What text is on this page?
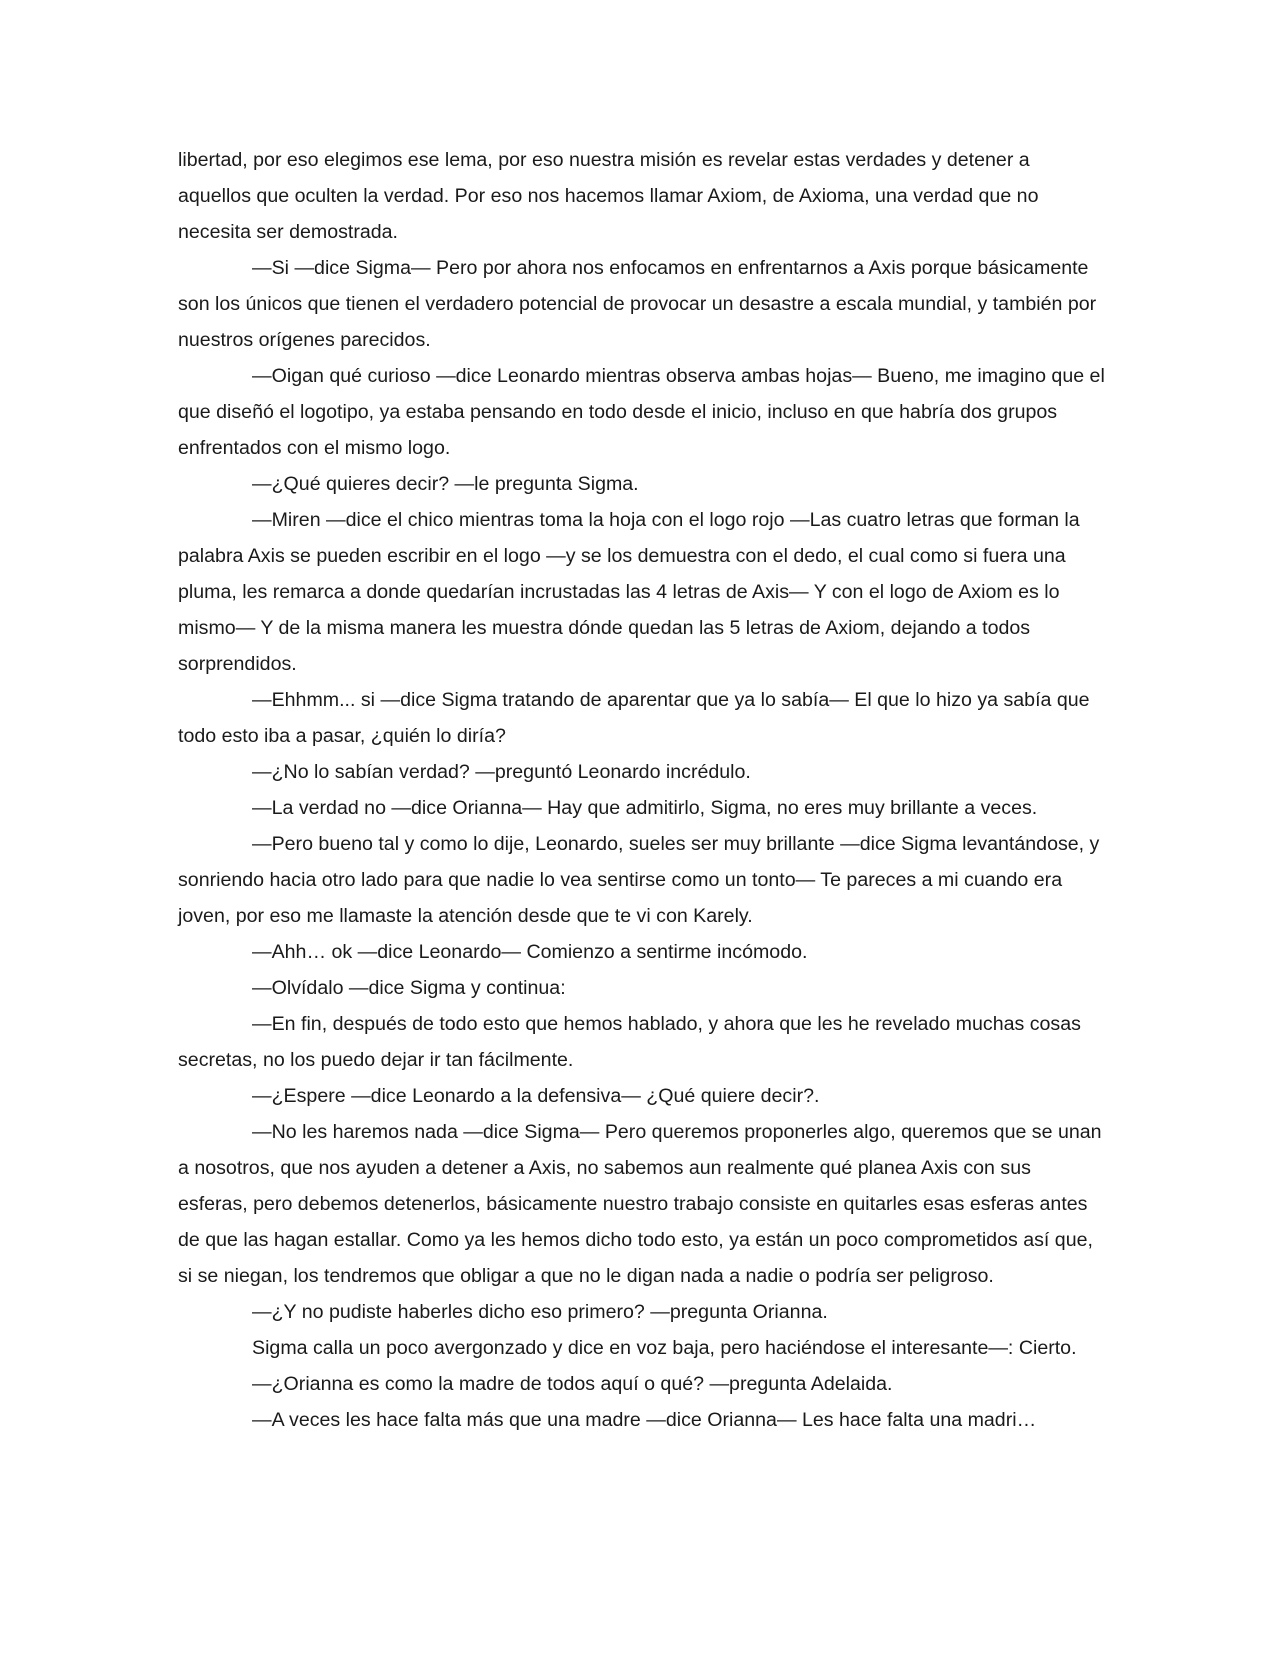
libertad, por eso elegimos ese lema, por eso nuestra misión es revelar estas verdades y detener a aquellos que oculten la verdad. Por eso nos hacemos llamar Axiom, de Axioma, una verdad que no necesita ser demostrada.

—Si —dice Sigma— Pero por ahora nos enfocamos en enfrentarnos a Axis porque básicamente son los únicos que tienen el verdadero potencial de provocar un desastre a escala mundial, y también por nuestros orígenes parecidos.

—Oigan qué curioso —dice Leonardo mientras observa ambas hojas— Bueno, me imagino que el que diseñó el logotipo, ya estaba pensando en todo desde el inicio, incluso en que habría dos grupos enfrentados con el mismo logo.

—¿Qué quieres decir? —le pregunta Sigma.

—Miren —dice el chico mientras toma la hoja con el logo rojo —Las cuatro letras que forman la palabra Axis se pueden escribir en el logo —y se los demuestra con el dedo, el cual como si fuera una pluma, les remarca a donde quedarían incrustadas las 4 letras de Axis— Y con el logo de Axiom es lo mismo— Y de la misma manera les muestra dónde quedan las 5 letras de Axiom, dejando a todos sorprendidos.

—Ehhmm... si —dice Sigma tratando de aparentar que ya lo sabía— El que lo hizo ya sabía que todo esto iba a pasar, ¿quién lo diría?

—¿No lo sabían verdad? —preguntó Leonardo incrédulo.

—La verdad no —dice Orianna— Hay que admitirlo, Sigma, no eres muy brillante a veces.

—Pero bueno tal y como lo dije, Leonardo, sueles ser muy brillante —dice Sigma levantándose, y sonriendo hacia otro lado para que nadie lo vea sentirse como un tonto— Te pareces a mi cuando era joven, por eso me llamaste la atención desde que te vi con Karely.

—Ahh… ok —dice Leonardo— Comienzo a sentirme incómodo.

—Olvídalo —dice Sigma y continua:

—En fin, después de todo esto que hemos hablado, y ahora que les he revelado muchas cosas secretas, no los puedo dejar ir tan fácilmente.

—¿Espere —dice Leonardo a la defensiva— ¿Qué quiere decir?.

—No les haremos nada —dice Sigma— Pero queremos proponerles algo, queremos que se unan a nosotros, que nos ayuden a detener a Axis, no sabemos aun realmente qué planea Axis con sus esferas, pero debemos detenerlos, básicamente nuestro trabajo consiste en quitarles esas esferas antes de que las hagan estallar. Como ya les hemos dicho todo esto, ya están un poco comprometidos así que, si se niegan, los tendremos que obligar a que no le digan nada a nadie o podría ser peligroso.

—¿Y no pudiste haberles dicho eso primero? —pregunta Orianna.

Sigma calla un poco avergonzado y dice en voz baja, pero haciéndose el interesante—: Cierto.

—¿Orianna es como la madre de todos aquí o qué? —pregunta Adelaida.

—A veces les hace falta más que una madre —dice Orianna— Les hace falta una madri…
